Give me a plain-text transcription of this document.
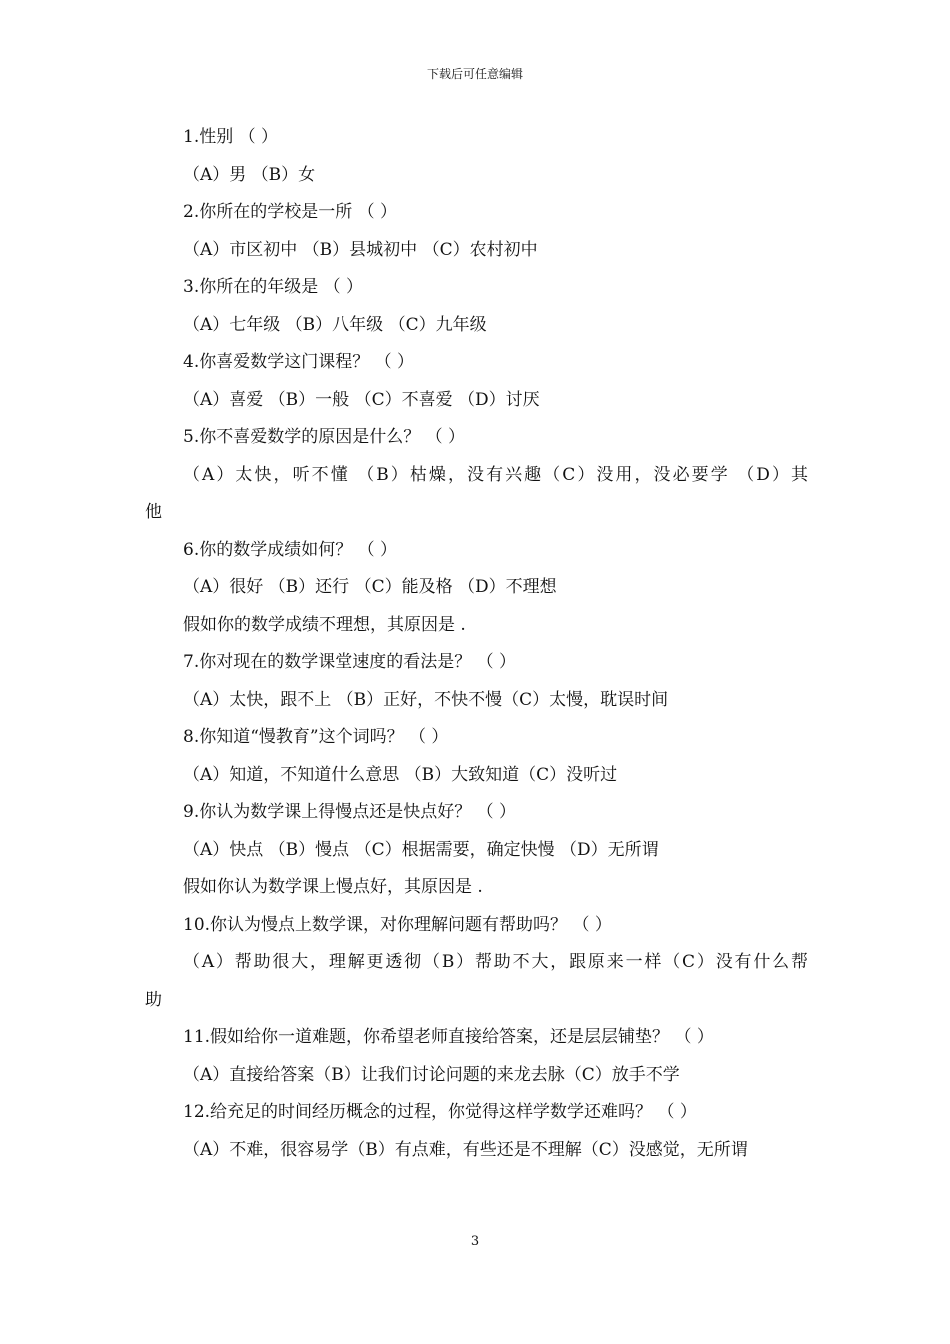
下载后可任意编辑

1.性别 （ ）

（A）男 （B）女

2.你所在的学校是一所 （ ）

（A）市区初中 （B）县城初中 （C）农村初中

3.你所在的年级是 （ ）

（A）七年级 （B）八年级 （C）九年级

4.你喜爱数学这门课程？ （ ）

（A）喜爱 （B）一般 （C）不喜爱 （D）讨厌

5.你不喜爱数学的原因是什么？ （ ）

（A）太快，听不懂 （B）枯燥，没有兴趣（C）没用，没必要学 （D）其

他

6.你的数学成绩如何？ （ ）

（A）很好 （B）还行 （C）能及格 （D）不理想

假如你的数学成绩不理想，其原因是 .

7.你对现在的数学课堂速度的看法是？ （ ）

（A）太快，跟不上 （B）正好，不快不慢（C）太慢，耽误时间

8.你知道“慢教育”这个词吗？ （ ）

（A）知道，不知道什么意思 （B）大致知道（C）没听过

9.你认为数学课上得慢点还是快点好？ （ ）

（A）快点 （B）慢点 （C）根据需要，确定快慢 （D）无所谓

假如你认为数学课上慢点好，其原因是 .

10.你认为慢点上数学课，对你理解问题有帮助吗？ （ ）

（A）帮助很大，理解更透彻（B）帮助不大，跟原来一样（C）没有什么帮

助

11.假如给你一道难题，你希望老师直接给答案，还是层层铺垫？ （ ）

（A）直接给答案（B）让我们讨论问题的来龙去脉（C）放手不学

12.给充足的时间经历概念的过程，你觉得这样学数学还难吗？ （ ）

（A）不难，很容易学（B）有点难，有些还是不理解（C）没感觉，无所谓

3
